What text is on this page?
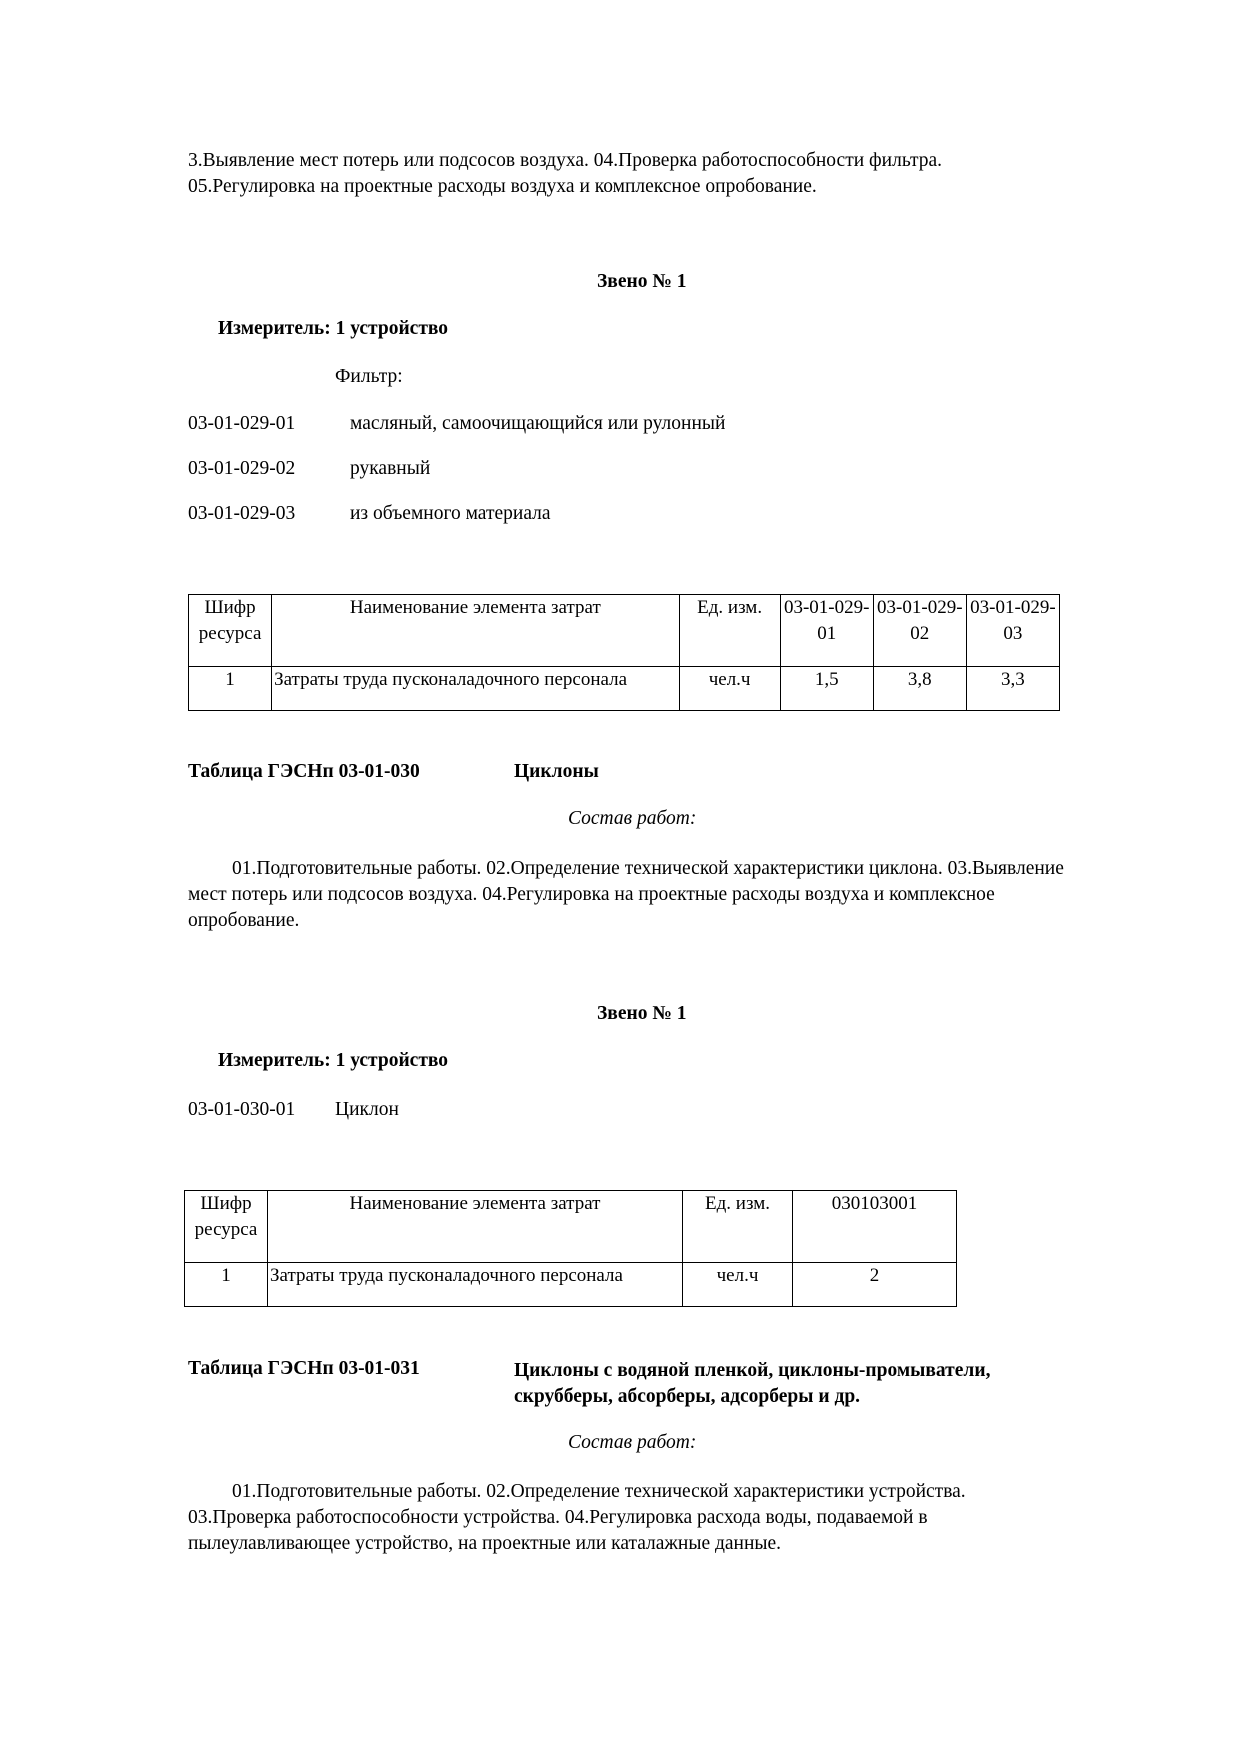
3.Выявление мест потерь или подсосов воздуха. 04.Проверка работоспособности фильтра. 05.Регулировка на проектные расходы воздуха и комплексное опробование.
Звено № 1
Измеритель: 1 устройство
Фильтр:
03-01-029-01	масляный, самоочищающийся или рулонный
03-01-029-02	рукавный
03-01-029-03	из объемного материала
Шифр ресурса	Наименование элемента затрат	Ед. изм.	03-01-029-01	03-01-029-02	03-01-029-03
1	Затраты труда пусконаладочного персонала	чел.ч	1,5	3,8	3,3
Таблица ГЭСНп 03-01-030	Циклоны
Состав работ:
01.Подготовительные работы. 02.Определение технической характеристики циклона. 03.Выявление мест потерь или подсосов воздуха. 04.Регулировка на проектные расходы воздуха и комплексное опробование.
Звено № 1
Измеритель: 1 устройство
03-01-030-01 Циклон
Шифр ресурса	Наименование элемента затрат	Ед. изм.	030103001
1	Затраты труда пусконаладочного персонала	чел.ч	2
Таблица ГЭСНп 03-01-031	Циклоны с водяной пленкой, циклоны-промыватели, скрубберы, абсорберы, адсорберы и др.
Состав работ:
01.Подготовительные работы. 02.Определение технической характеристики устройства. 03.Проверка работоспособности устройства. 04.Регулировка расхода воды, подаваемой в пылеулавливающее устройство, на проектные или каталажные данные.
